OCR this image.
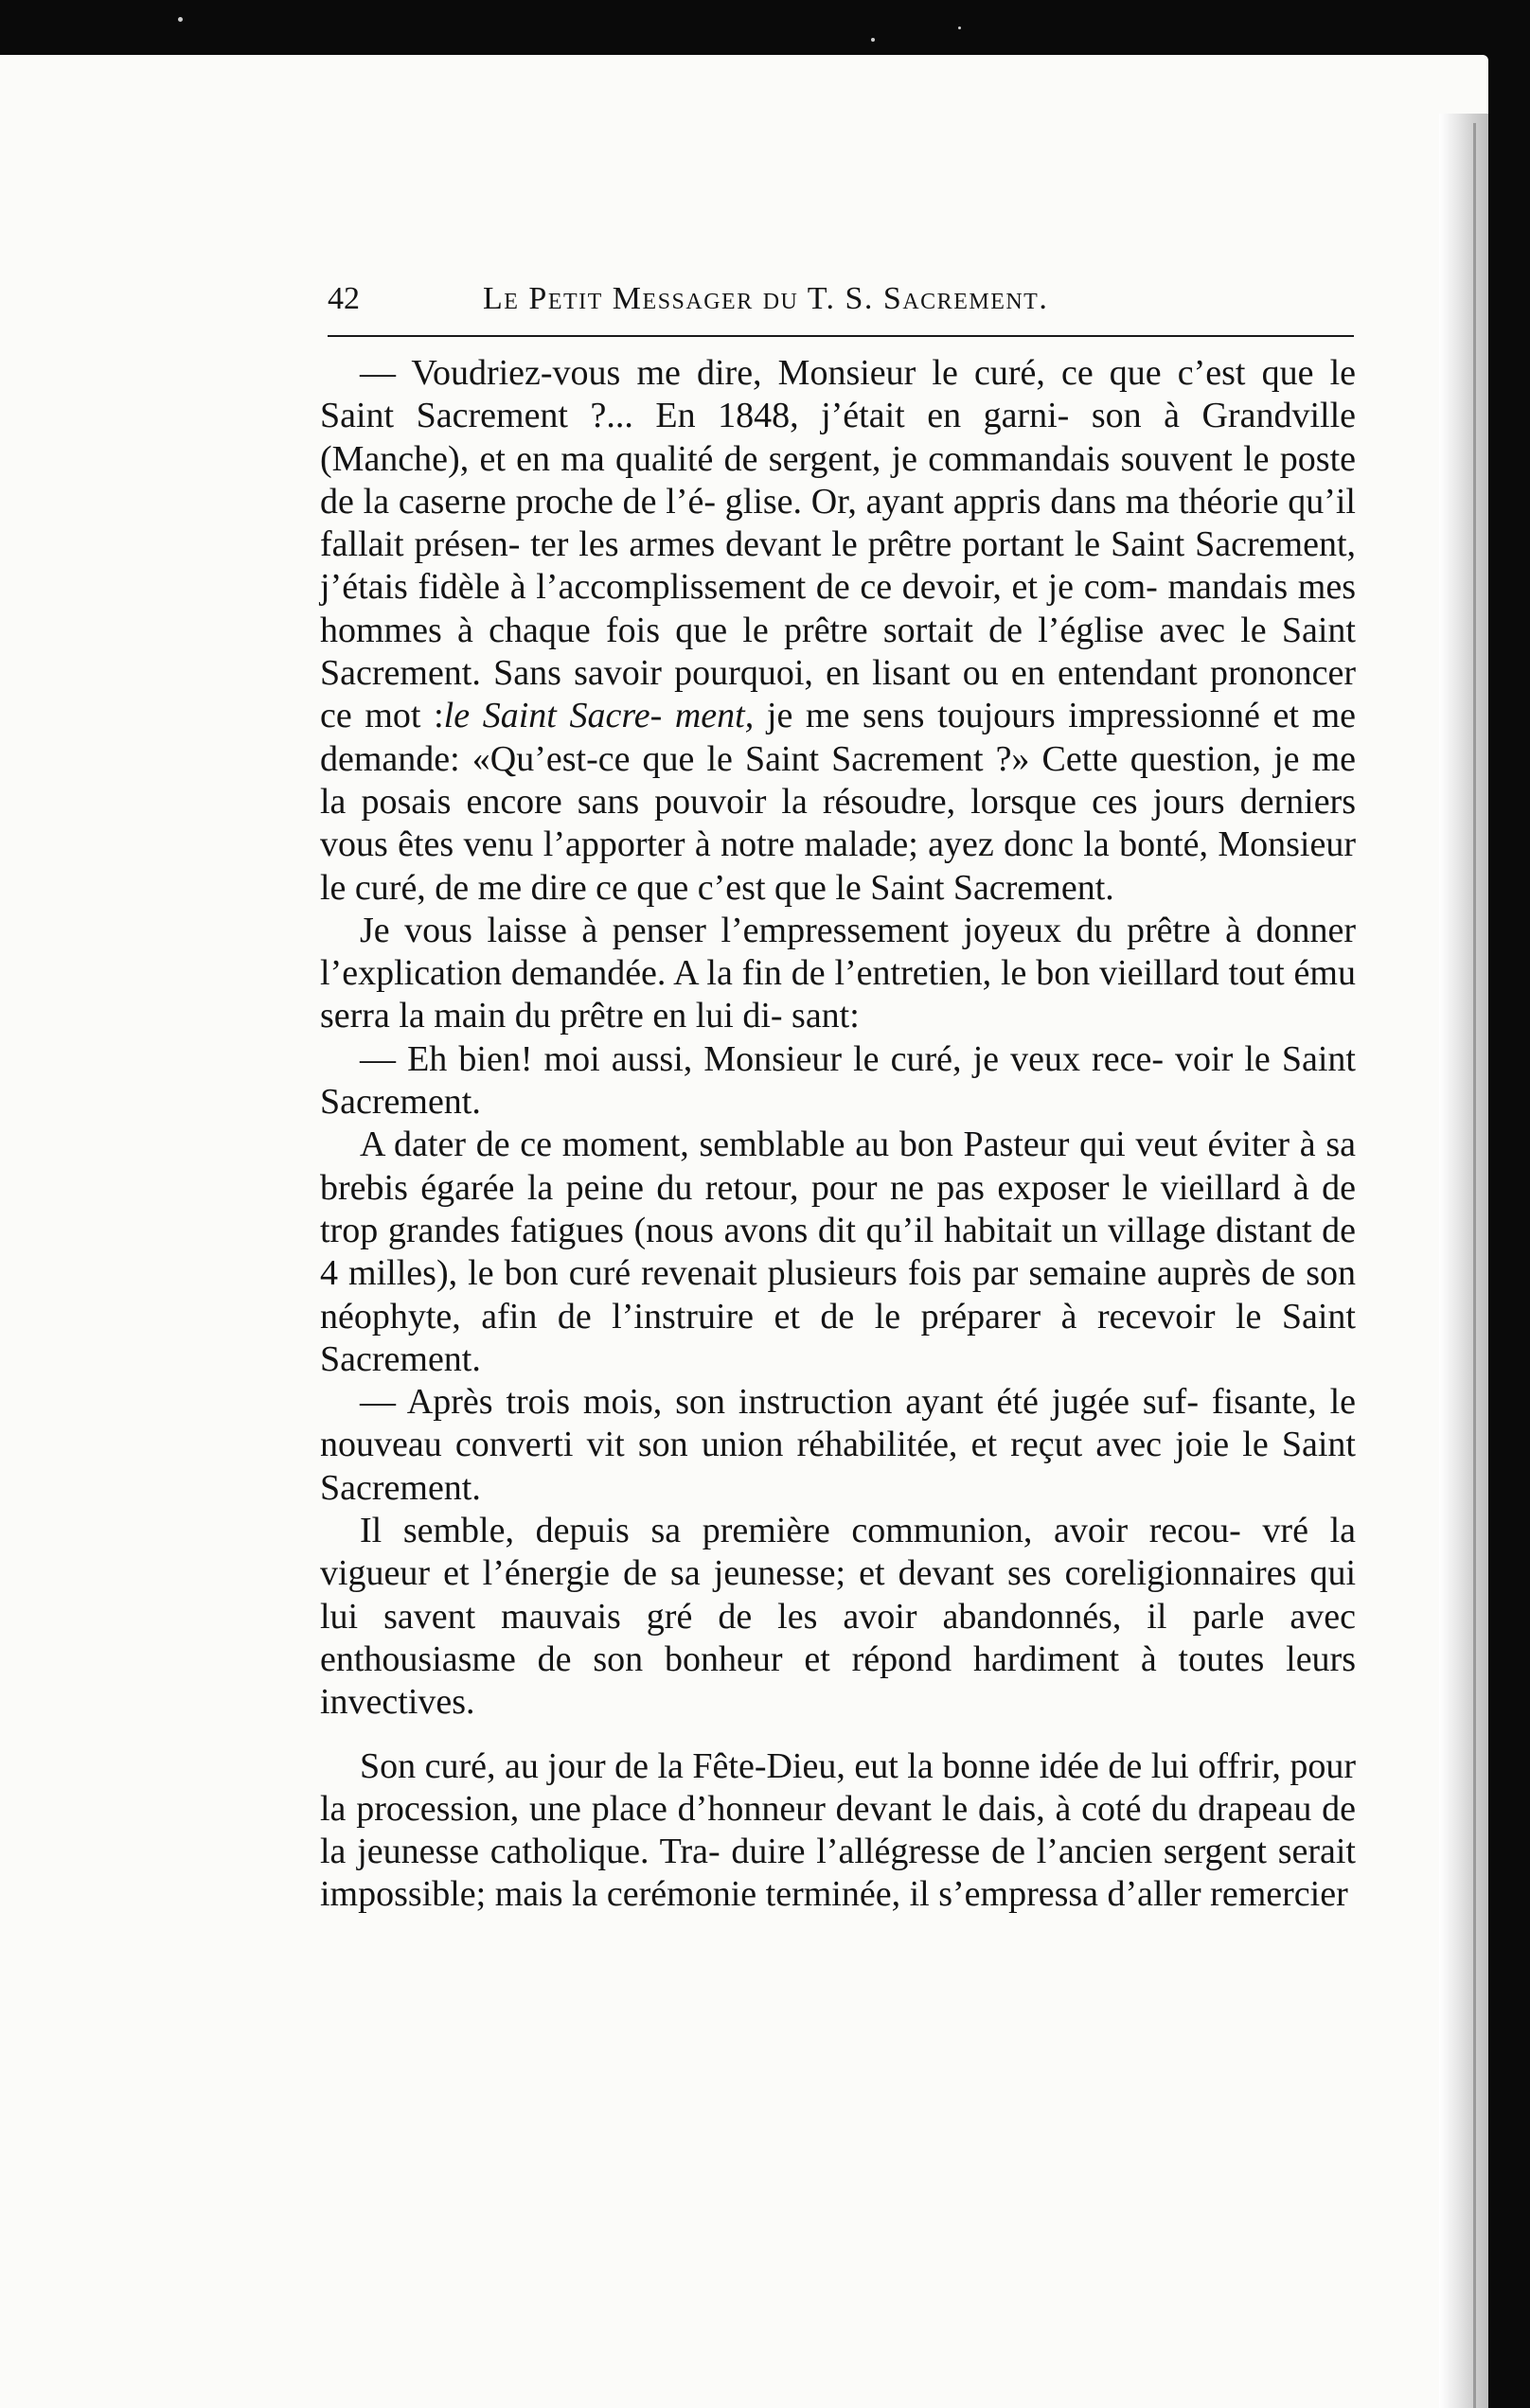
42	Le Petit Messager du T. S. Sacrement.

— Voudriez-vous me dire, Monsieur le curé, ce que c’est que le Saint Sacrement ?... En 1848, j’était en garni- son à Grandville (Manche), et en ma qualité de sergent, je commandais souvent le poste de la caserne proche de l’é- glise. Or, ayant appris dans ma théorie qu’il fallait présen- ter les armes devant le prêtre portant le Saint Sacrement, j’étais fidèle à l’accomplissement de ce devoir, et je com- mandais mes hommes à chaque fois que le prêtre sortait de l’église avec le Saint Sacrement. Sans savoir pourquoi, en lisant ou en entendant prononcer ce mot :le Saint Sacre- ment, je me sens toujours impressionné et me demande: «Qu’est-ce que le Saint Sacrement ?» Cette question, je me la posais encore sans pouvoir la résoudre, lorsque ces jours derniers vous êtes venu l’apporter à notre malade; ayez donc la bonté, Monsieur le curé, de me dire ce que c’est que le Saint Sacrement.

Je vous laisse à penser l’empressement joyeux du prêtre à donner l’explication demandée. A la fin de l’entretien, le bon vieillard tout ému serra la main du prêtre en lui di- sant:

— Eh bien! moi aussi, Monsieur le curé, je veux rece- voir le Saint Sacrement.

A dater de ce moment, semblable au bon Pasteur qui veut éviter à sa brebis égarée la peine du retour, pour ne pas exposer le vieillard à de trop grandes fatigues (nous avons dit qu’il habitait un village distant de 4 milles), le bon curé revenait plusieurs fois par semaine auprès de son néophyte, afin de l’instruire et de le préparer à recevoir le Saint Sacrement.

— Après trois mois, son instruction ayant été jugée suf- fisante, le nouveau converti vit son union réhabilitée, et reçut avec joie le Saint Sacrement.

Il semble, depuis sa première communion, avoir recou- vré la vigueur et l’énergie de sa jeunesse; et devant ses coreligionnaires qui lui savent mauvais gré de les avoir abandonnés, il parle avec enthousiasme de son bonheur et répond hardiment à toutes leurs invectives.

Son curé, au jour de la Fête-Dieu, eut la bonne idée de lui offrir, pour la procession, une place d’honneur devant le dais, à coté du drapeau de la jeunesse catholique. Tra- duire l’allégresse de l’ancien sergent serait impossible; mais la cerémonie terminée, il s’empressa d’aller remercier
